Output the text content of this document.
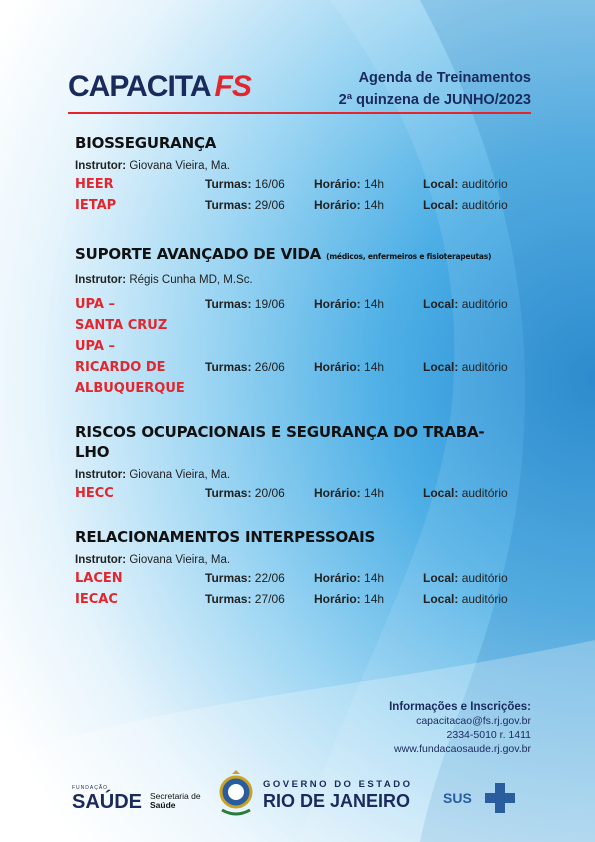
CAPACITA FS	Agenda de Treinamentos
2ª quinzena de JUNHO/2023
BIOSSEGURANÇA
Instrutor: Giovana Vieira, Ma.
HEER	Turmas: 16/06 Horário: 14h	Local: auditório
IETAP	Turmas: 29/06 Horário: 14h	Local: auditório
SUPORTE AVANÇADO DE VIDA (médicos, enfermeiros e fisioterapeutas)
Instrutor: Régis Cunha MD, M.Sc.
UPA –	Turmas: 19/06 Horário: 14h	Local: auditório
SANTA CRUZ
UPA –
RICARDO DE	Turmas: 26/06 Horário: 14h	Local: auditório
ALBUQUERQUE
RISCOS OCUPACIONAIS E SEGURANÇA DO TRABA-
LHO
Instrutor: Giovana Vieira, Ma.
HECC	Turmas: 20/06 Horário: 14h	Local: auditório
RELACIONAMENTOS INTERPESSOAIS
Instrutor: Giovana Vieira, Ma.
LACEN	Turmas: 22/06 Horário: 14h	Local: auditório
IECAC	Turmas: 27/06 Horário: 14h	Local: auditório
Informações e Inscrições:
capacitacao@fs.rj.gov.br
2334-5010 r. 1411
www.fundacaosaude.rj.gov.br
FUNDAÇÃO
SAÚDE Secretaria de
Saúde
GOVERNO DO ESTADO
RIO DE JANEIRO SUS
